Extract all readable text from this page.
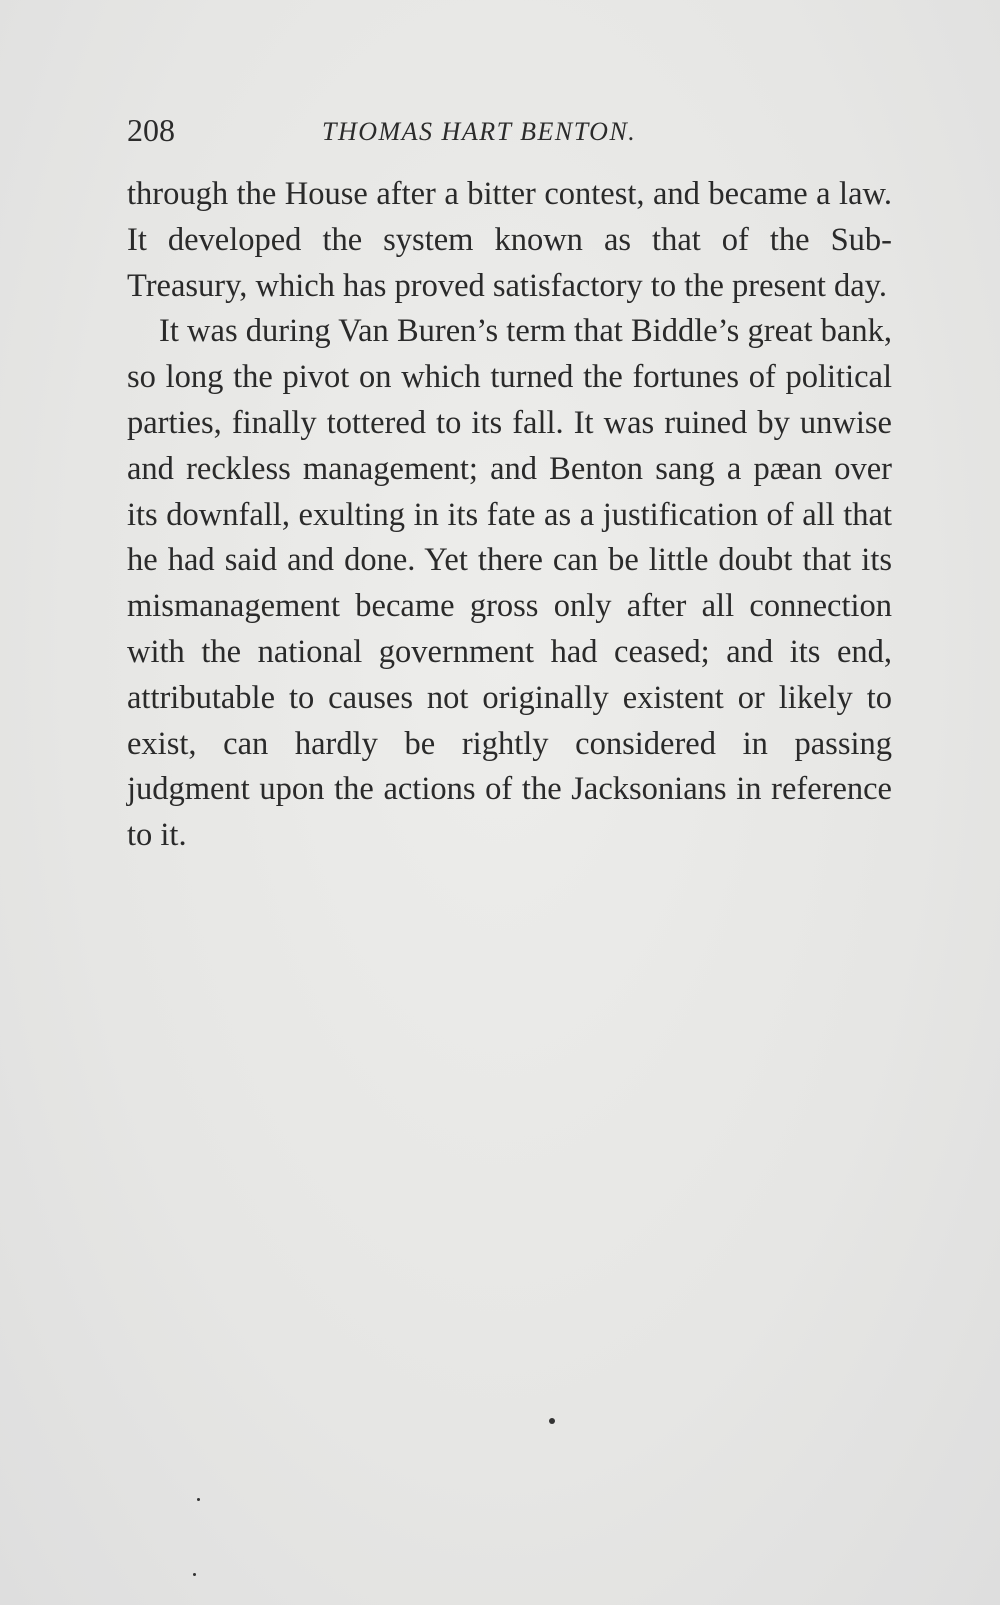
208	THOMAS HART BENTON.

through the House after a bitter contest, and became a law. It developed the system known as that of the Sub-Treasury, which has proved satisfactory to the present day.

It was during Van Buren’s term that Biddle’s great bank, so long the pivot on which turned the fortunes of political parties, finally tottered to its fall. It was ruined by unwise and reckless management; and Benton sang a pæan over its downfall, exulting in its fate as a justification of all that he had said and done. Yet there can be little doubt that its mismanagement became gross only after all connection with the national government had ceased; and its end, attributable to causes not originally existent or likely to exist, can hardly be rightly considered in passing judgment upon the actions of the Jacksonians in reference to it.
